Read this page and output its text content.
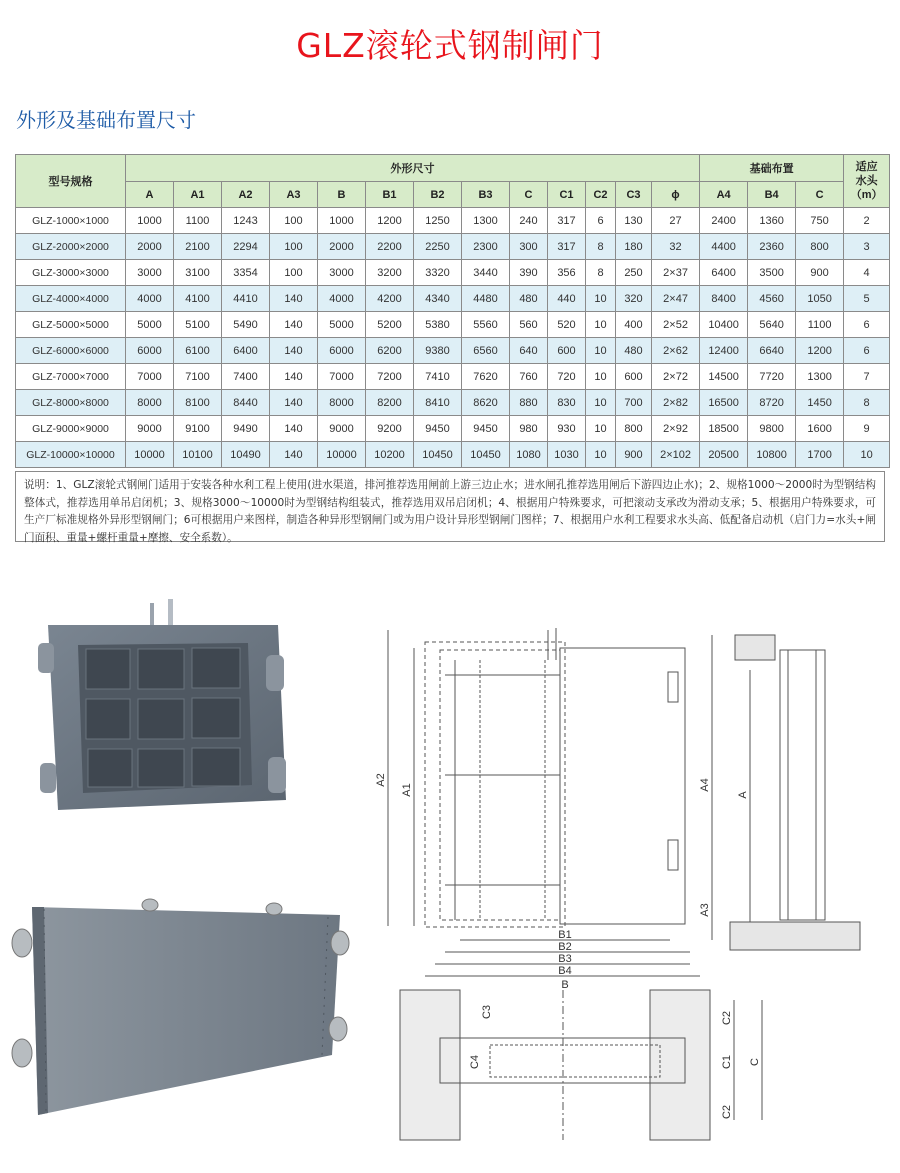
GLZ滚轮式钢制闸门
外形及基础布置尺寸
型号规格	外形尺寸													基础布置			适应
水头
（m）

	A	A1	A2	A3	B	B1	B2	B3	C	C1	C2	C3	ϕ	A4	B4	C	
GLZ-1000×1000	1000	1100	1243	100	1000	1200	1250	1300	240	317	6	130	27	2400	1360	750	2
GLZ-2000×2000	2000	2100	2294	100	2000	2200	2250	2300	300	317	8	180	32	4400	2360	800	3
GLZ-3000×3000	3000	3100	3354	100	3000	3200	3320	3440	390	356	8	250	2×37	6400	3500	900	4
GLZ-4000×4000	4000	4100	4410	140	4000	4200	4340	4480	480	440	10	320	2×47	8400	4560	1050	5
GLZ-5000×5000	5000	5100	5490	140	5000	5200	5380	5560	560	520	10	400	2×52	10400	5640	1100	6
GLZ-6000×6000	6000	6100	6400	140	6000	6200	9380	6560	640	600	10	480	2×62	12400	6640	1200	6
GLZ-7000×7000	7000	7100	7400	140	7000	7200	7410	7620	760	720	10	600	2×72	14500	7720	1300	7
GLZ-8000×8000	8000	8100	8440	140	8000	8200	8410	8620	880	830	10	700	2×82	16500	8720	1450	8
GLZ-9000×9000	9000	9100	9490	140	9000	9200	9450	9450	980	930	10	800	2×92	18500	9800	1600	9
GLZ-10000×10000	10000	10100	10490	140	10000	10200	10450	10450	1080	1030	10	900	2×102	20500	10800	1700	10
说明：1、GLZ滚轮式钢闸门适用于安装各种水利工程上使用(进水渠道，排河推荐选用闸前上游三边止水；进水闸孔推荐选用闸后下游四边止水)；2、规格1000～2000时为型钢结构整体式，推荐选用单吊启闭机；3、规格3000～10000时为型钢结构组装式，推荐选用双吊启闭机；4、根据用户特殊要求，可把滚动支承改为滑动支承；5、根据用户特殊要求，可生产厂标准规格外异形型钢闸门；6可根据用户来图样，制造各种异形型钢闸门或为用户设计异形型钢闸门图样；7、根据用户水利工程要求水头高、低配备启动机（启门力=水头+闸门面积、重量+螺杆重量+摩擦、安全系数）。
A2
A1
B1
B2
B3
A4
A
A3
B4
B
C3
C4
C2
C1 C
C2
